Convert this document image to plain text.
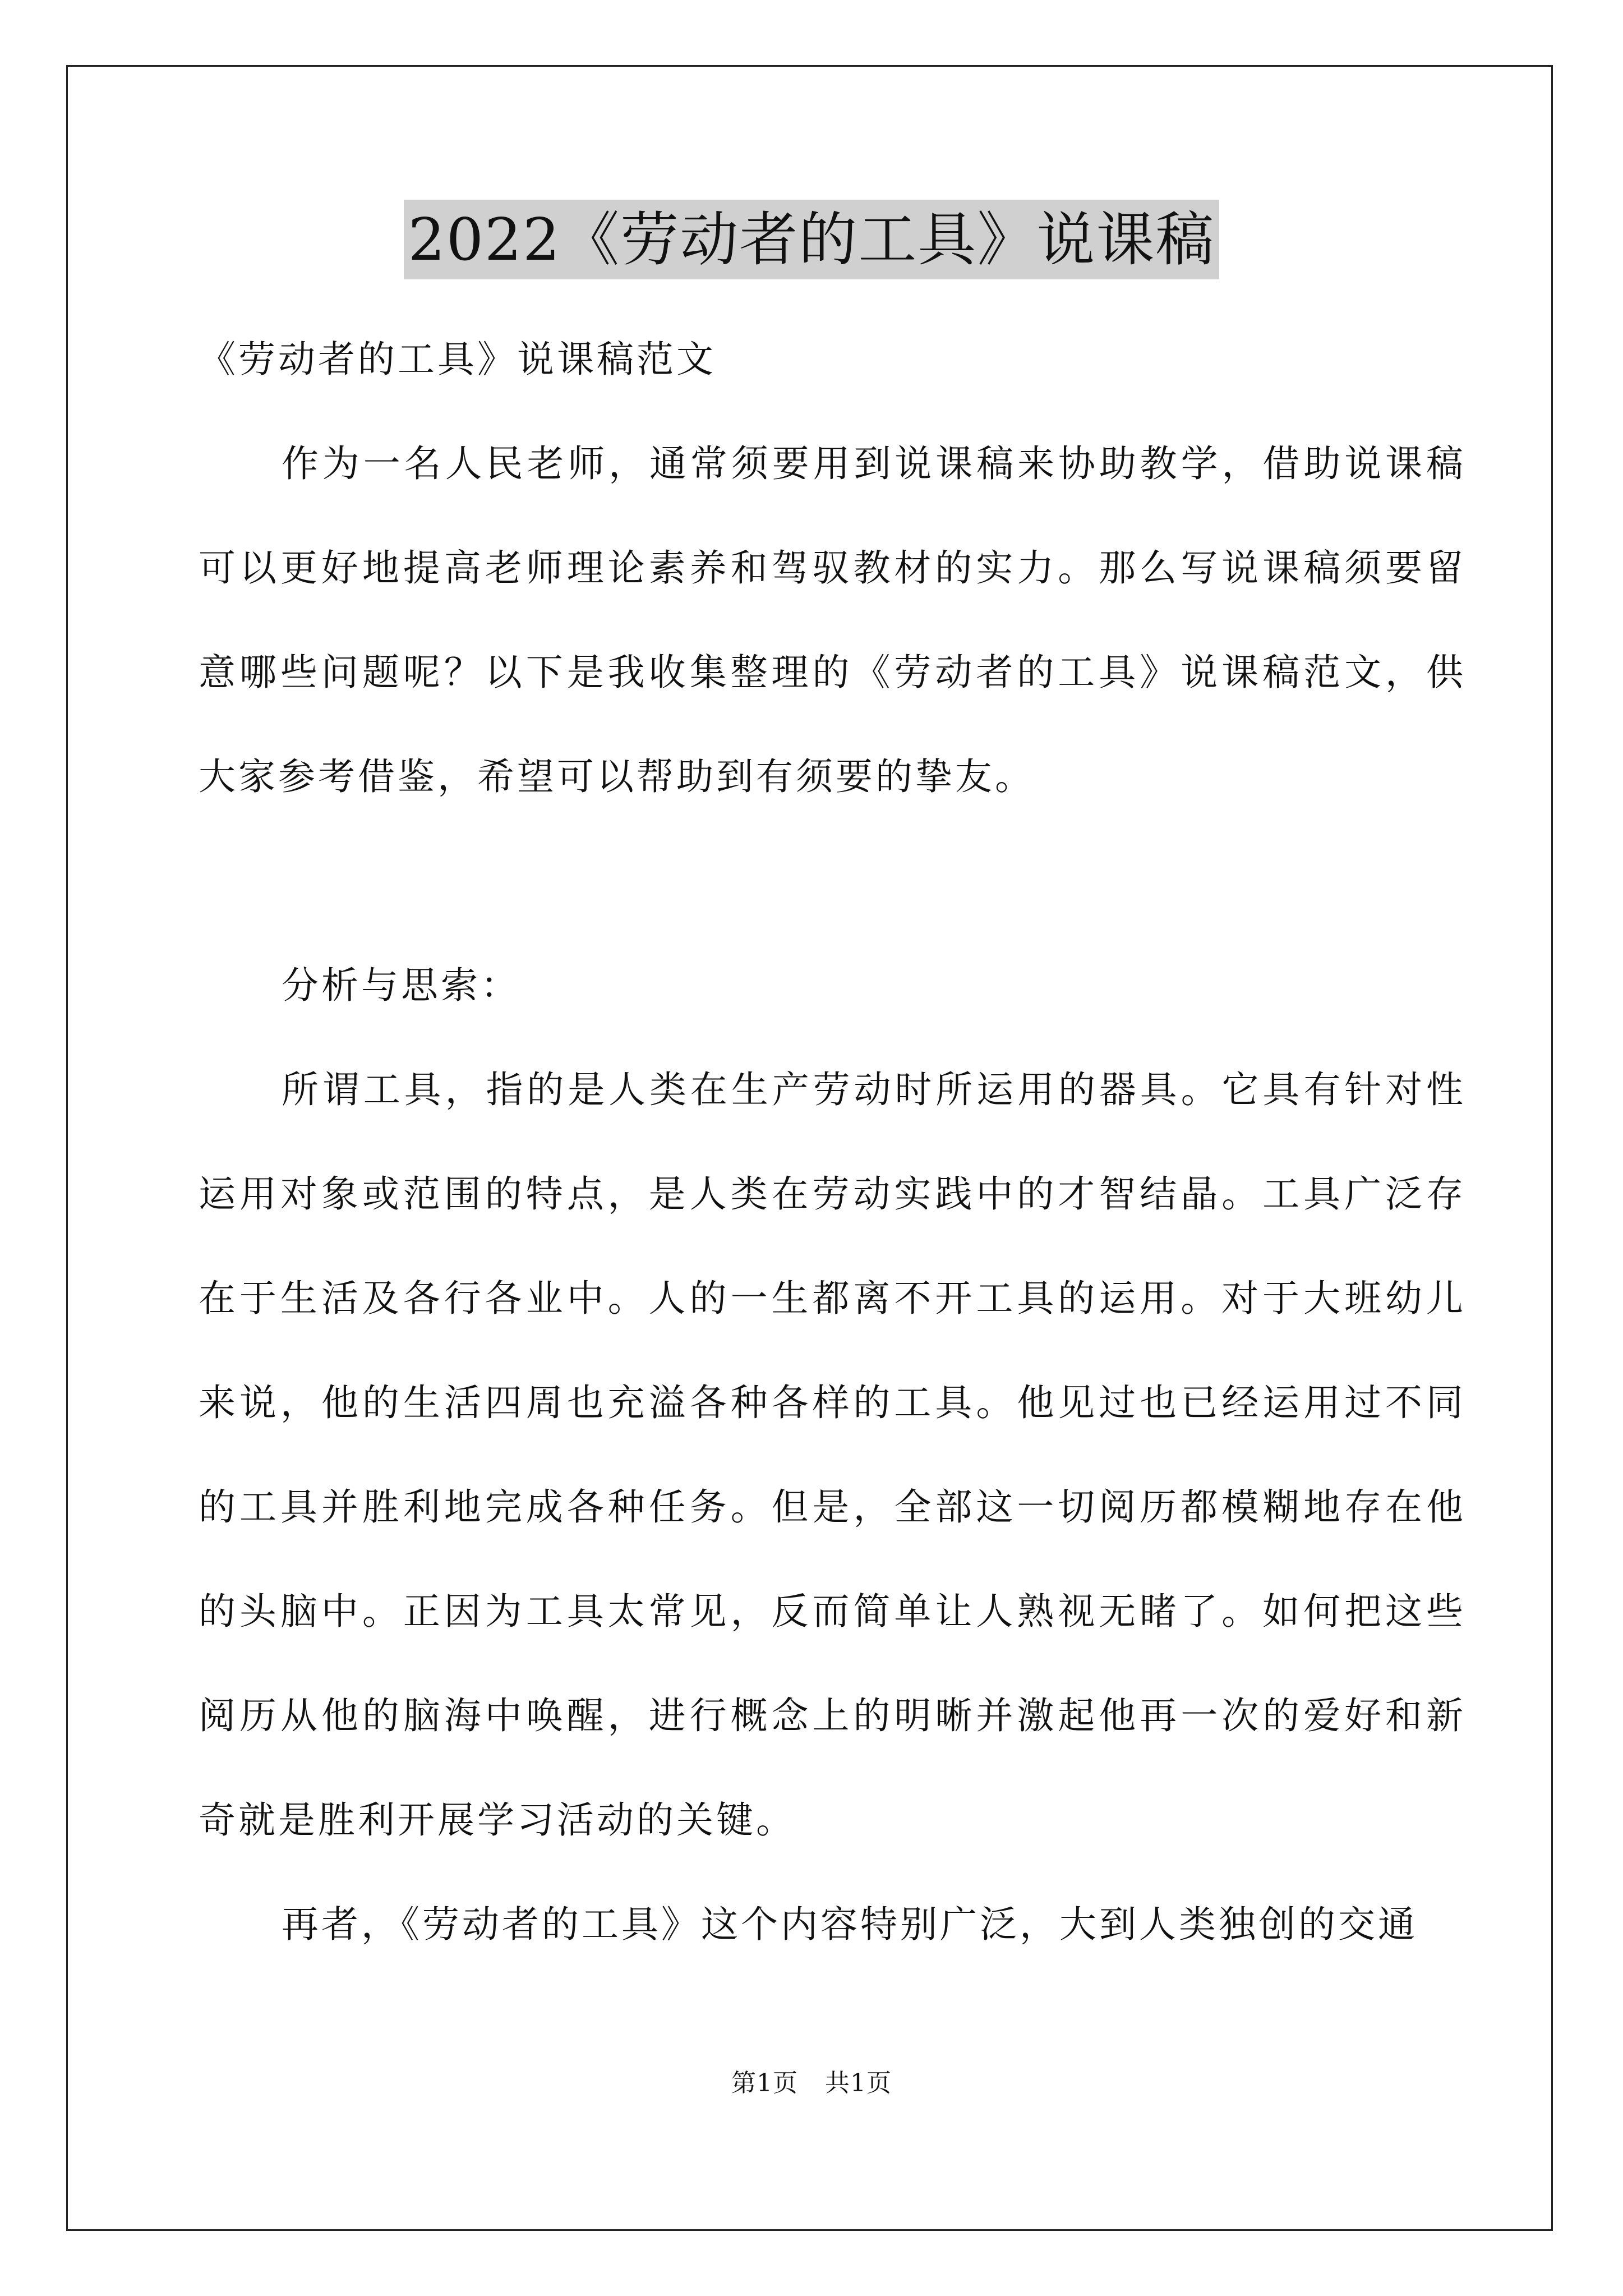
2022《劳动者的工具》说课稿

《劳动者的工具》说课稿范文

作为一名人民老师，通常须要用到说课稿来协助教学，借助说课稿可以更好地提高老师理论素养和驾驭教材的实力。那么写说课稿须要留意哪些问题呢？以下是我收集整理的《劳动者的工具》说课稿范文，供大家参考借鉴，希望可以帮助到有须要的挚友。

分析与思索：

所谓工具，指的是人类在生产劳动时所运用的器具。它具有针对性运用对象或范围的特点，是人类在劳动实践中的才智结晶。工具广泛存在于生活及各行各业中。人的一生都离不开工具的运用。对于大班幼儿来说，他的生活四周也充溢各种各样的工具。他见过也已经运用过不同的工具并胜利地完成各种任务。但是，全部这一切阅历都模糊地存在他的头脑中。正因为工具太常见，反而简单让人熟视无睹了。如何把这些阅历从他的脑海中唤醒，进行概念上的明晰并激起他再一次的爱好和新奇就是胜利开展学习活动的关键。

再者，《劳动者的工具》这个内容特别广泛，大到人类独创的交通

第1页 共1页
